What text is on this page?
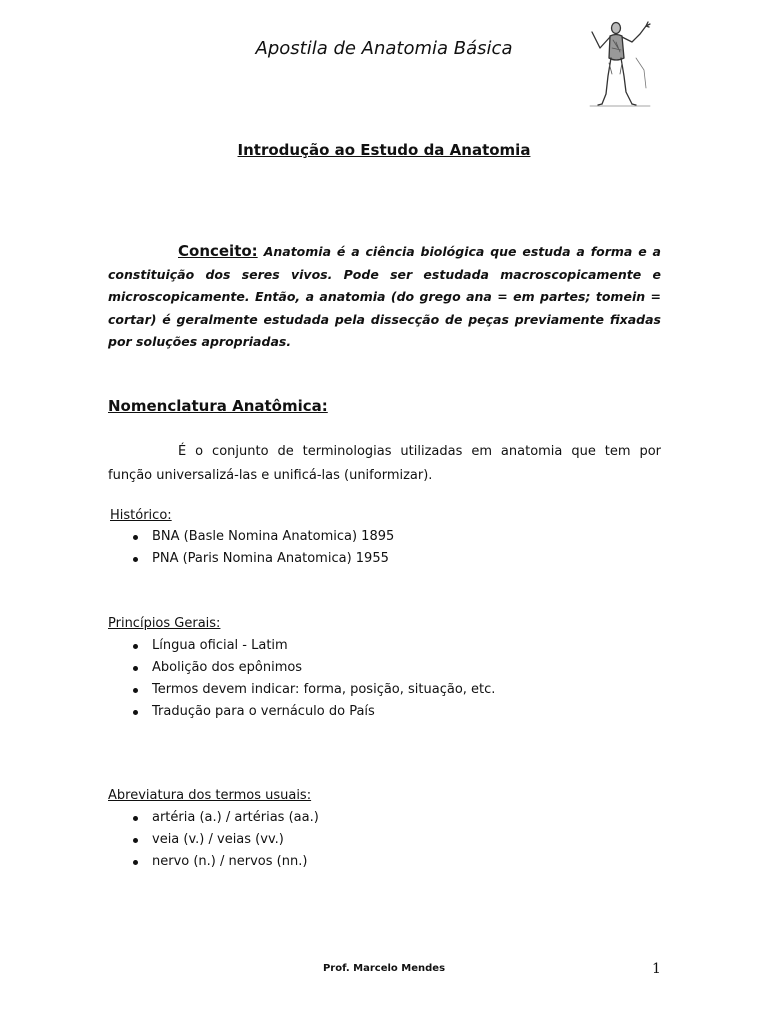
Apostila de Anatomia Básica
Introdução ao Estudo da Anatomia
Conceito: Anatomia é a ciência biológica que estuda a forma e a constituição dos seres vivos. Pode ser estudada macroscopicamente e microscopicamente. Então, a anatomia (do grego ana = em partes; tomein = cortar) é geralmente estudada pela dissecção de peças previamente fixadas por soluções apropriadas.
Nomenclatura Anatômica:
É o conjunto de terminologias utilizadas em anatomia que tem por função universalizá-las e unificá-las (uniformizar).
Histórico:
BNA (Basle Nomina Anatomica) 1895
PNA (Paris Nomina Anatomica) 1955
Princípios Gerais:
Língua oficial - Latim
Abolição dos epônimos
Termos devem indicar: forma, posição, situação, etc.
Tradução para o vernáculo do País
Abreviatura dos termos usuais:
artéria (a.) / artérias (aa.)
veia (v.) / veias (vv.)
nervo (n.) / nervos (nn.)
Prof. Marcelo Mendes	1
